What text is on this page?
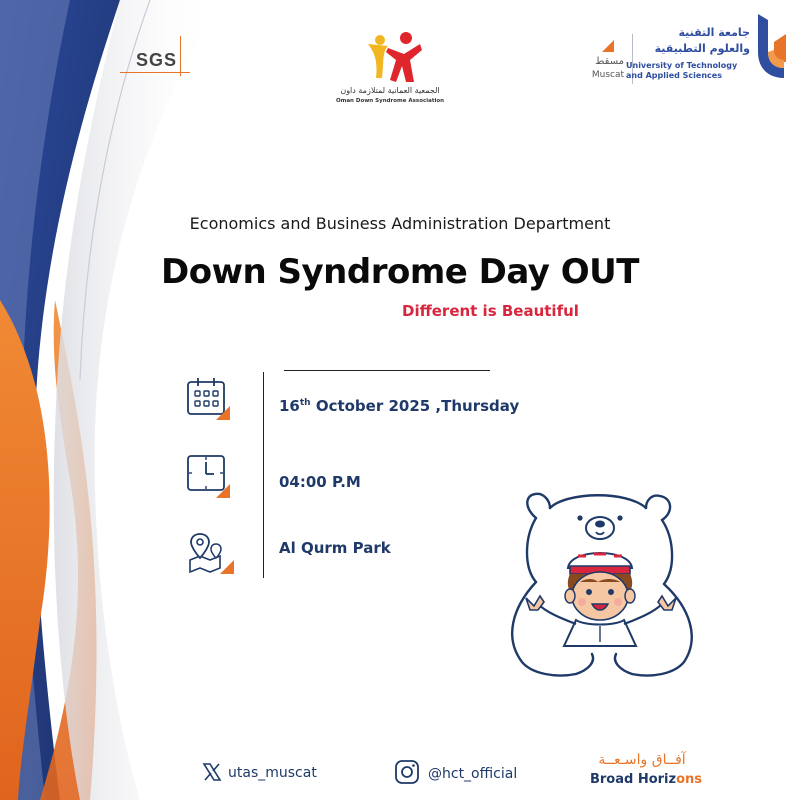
SGS
الجمعية العمانية لمتلازمة داون
Oman Down Syndrome Association
مسقط
Muscat
جامعة التقنية
والعلوم التطبيقية
University of Technology
and Applied Sciences
Economics and Business Administration Department
Down Syndrome Day OUT
Different is Beautiful
16th October 2025 ,Thursday
04:00 P.M
Al Qurm Park
utas_muscat	@hct_official
آفــاق واسـعــة
Broad Horizons
